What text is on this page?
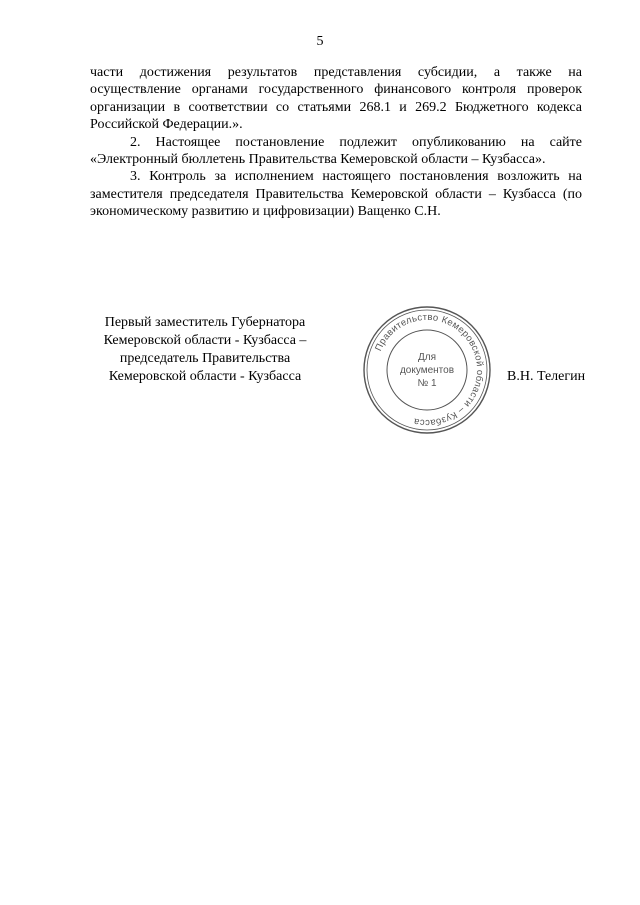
5

части достижения результатов представления субсидии, а также на осуществление органами государственного финансового контроля проверок организации в соответствии со статьями 268.1 и 269.2 Бюджетного кодекса Российской Федерации.».

2. Настоящее постановление подлежит опубликованию на сайте «Электронный бюллетень Правительства Кемеровской области – Кузбасса».

3. Контроль за исполнением настоящего постановления возложить на заместителя председателя Правительства Кемеровской области – Кузбасса (по экономическому развитию и цифровизации) Ващенко С.Н.

Первый заместитель Губернатора
Кемеровской области - Кузбасса –
председатель Правительства
Кемеровской области - Кузбасса
Правительство Кемеровской области – Кузбасса
Для
документов
№ 1	В.Н. Телегин
